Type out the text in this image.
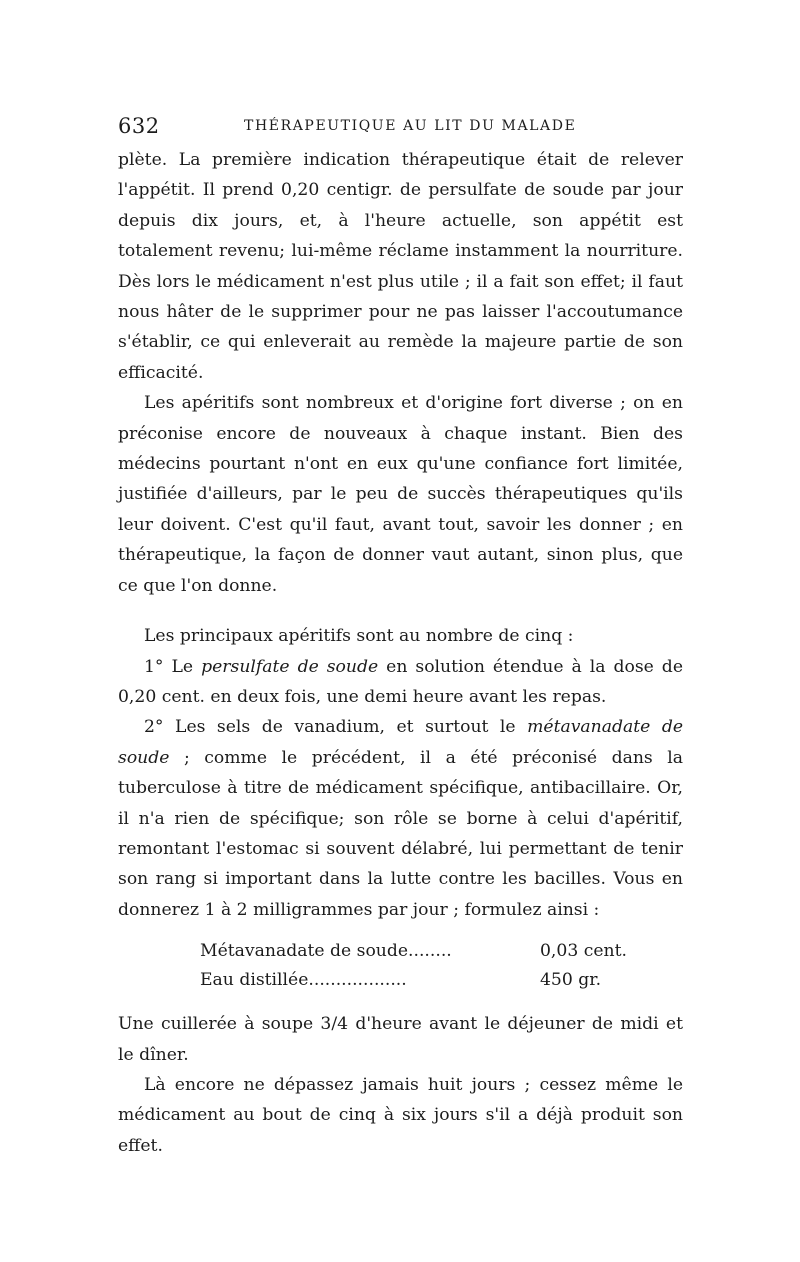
632	THÉRAPEUTIQUE AU LIT DU MALADE

plète. La première indication thérapeutique était de relever l'appétit. Il prend 0,20 centigr. de persulfate de soude par jour depuis dix jours, et, à l'heure actuelle, son appétit est totalement revenu; lui-même réclame instamment la nourriture. Dès lors le médicament n'est plus utile ; il a fait son effet; il faut nous hâter de le supprimer pour ne pas laisser l'accoutumance s'établir, ce qui enleverait au remède la majeure partie de son efficacité.

Les apéritifs sont nombreux et d'origine fort diverse ; on en préconise encore de nouveaux à chaque instant. Bien des médecins pourtant n'ont en eux qu'une confiance fort limitée, justifiée d'ailleurs, par le peu de succès thérapeutiques qu'ils leur doivent. C'est qu'il faut, avant tout, savoir les donner ; en thérapeutique, la façon de donner vaut autant, sinon plus, que ce que l'on donne.

Les principaux apéritifs sont au nombre de cinq :

1° Le persulfate de soude en solution étendue à la dose de 0,20 cent. en deux fois, une demi heure avant les repas.

2° Les sels de vanadium, et surtout le métavanadate de soude ; comme le précédent, il a été préconisé dans la tuberculose à titre de médicament spécifique, antibacillaire. Or, il n'a rien de spécifique; son rôle se borne à celui d'apéritif, remontant l'estomac si souvent délabré, lui permettant de tenir son rang si important dans la lutte contre les bacilles. Vous en donnerez 1 à 2 milligrammes par jour ; formulez ainsi :

Métavanadate de soude........	0,03 cent.
Eau distillée..................	450 gr.

Une cuillerée à soupe 3/4 d'heure avant le déjeuner de midi et le dîner.

Là encore ne dépassez jamais huit jours ; cessez même le médicament au bout de cinq à six jours s'il a déjà produit son effet.
